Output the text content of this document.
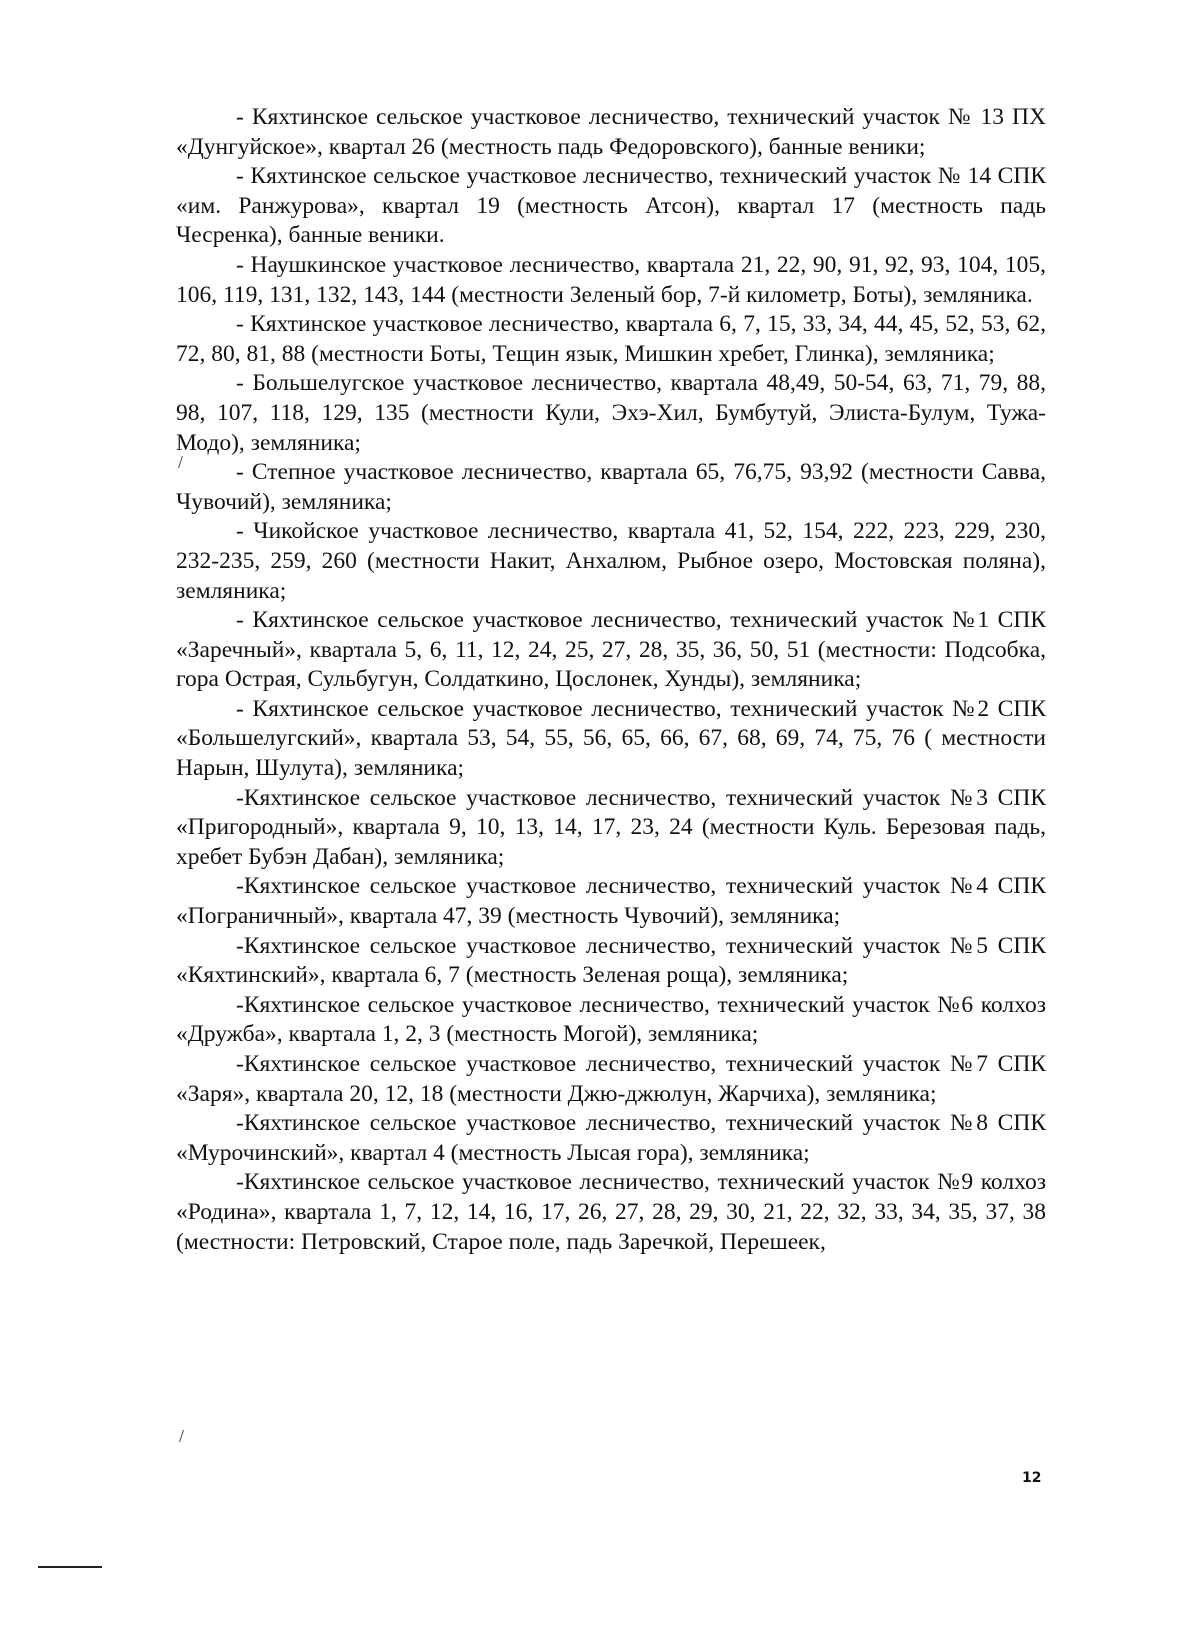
- Кяхтинское сельское участковое лесничество, технический участок № 13 ПХ «Дунгуйское», квартал 26 (местность падь Федоровского), банные веники;

- Кяхтинское сельское участковое лесничество, технический участок № 14 СПК «им. Ранжурова», квартал 19 (местность Атсон), квартал 17 (местность падь Чесренка), банные веники.

- Наушкинское участковое лесничество, квартала 21, 22, 90, 91, 92, 93, 104, 105, 106, 119, 131, 132, 143, 144 (местности Зеленый бор, 7-й километр, Боты), земляника.

- Кяхтинское участковое лесничество, квартала 6, 7, 15, 33, 34, 44, 45, 52, 53, 62, 72, 80, 81, 88 (местности Боты, Тещин язык, Мишкин хребет, Глинка), земляника;

- Большелугское участковое лесничество, квартала 48,49, 50-54, 63, 71, 79, 88, 98, 107, 118, 129, 135 (местности Кули, Эхэ-Хил, Бумбутуй, Элиста-Булум, Тужа-Модо), земляника;

- Степное участковое лесничество, квартала 65, 76,75, 93,92 (местности Савва, Чувочий), земляника;

- Чикойское участковое лесничество, квартала 41, 52, 154, 222, 223, 229, 230, 232-235, 259, 260 (местности Накит, Анхалюм, Рыбное озеро, Мостовская поляна), земляника;

- Кяхтинское сельское участковое лесничество, технический участок №1 СПК «Заречный», квартала 5, 6, 11, 12, 24, 25, 27, 28, 35, 36, 50, 51 (местности: Подсобка, гора Острая, Сульбугун, Солдаткино, Цослонек, Хунды), земляника;

- Кяхтинское сельское участковое лесничество, технический участок №2 СПК «Большелугский», квартала 53, 54, 55, 56, 65, 66, 67, 68, 69, 74, 75, 76 ( местности Нарын, Шулута), земляника;

-Кяхтинское сельское участковое лесничество, технический участок №3 СПК «Пригородный», квартала 9, 10, 13, 14, 17, 23, 24 (местности Куль. Березовая падь, хребет Бубэн Дабан), земляника;

-Кяхтинское сельское участковое лесничество, технический участок №4 СПК «Пограничный», квартала 47, 39 (местность Чувочий), земляника;

-Кяхтинское сельское участковое лесничество, технический участок №5 СПК «Кяхтинский», квартала 6, 7 (местность Зеленая роща), земляника;

-Кяхтинское сельское участковое лесничество, технический участок №6 колхоз «Дружба», квартала 1, 2, 3 (местность Могой), земляника;

-Кяхтинское сельское участковое лесничество, технический участок №7 СПК «Заря», квартала 20, 12, 18 (местности Джю-джюлун, Жарчиха), земляника;

-Кяхтинское сельское участковое лесничество, технический участок №8 СПК «Мурочинский», квартал 4 (местность Лысая гора), земляника;

-Кяхтинское сельское участковое лесничество, технический участок №9 колхоз «Родина», квартала 1, 7, 12, 14, 16, 17, 26, 27, 28, 29, 30, 21, 22, 32, 33, 34, 35, 37, 38 (местности: Петровский, Старое поле, падь Заречкой, Перешеек,

12
